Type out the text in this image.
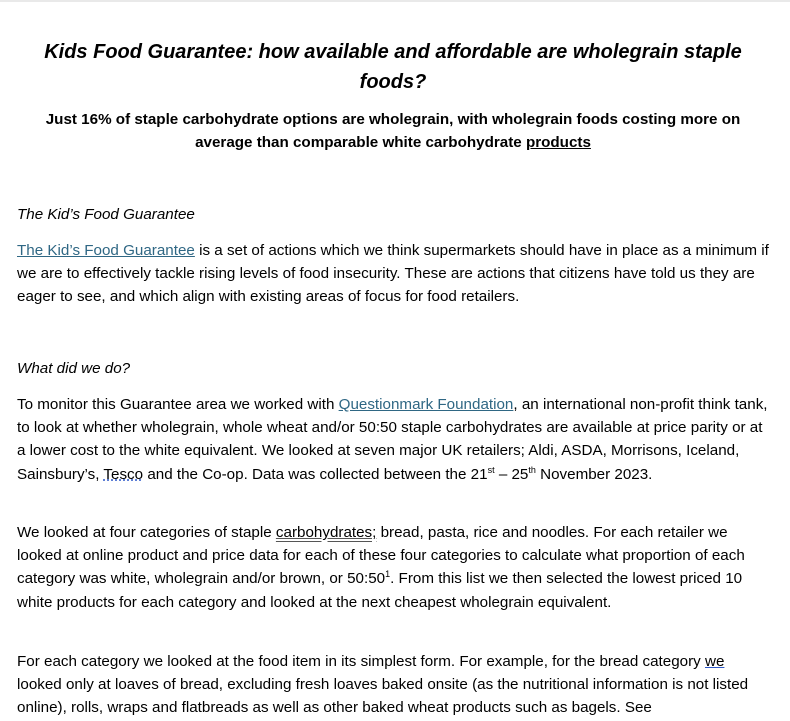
Kids Food Guarantee: how available and affordable are wholegrain staple foods?

Just 16% of staple carbohydrate options are wholegrain, with wholegrain foods costing more on average than comparable white carbohydrate products

The Kid’s Food Guarantee

The Kid’s Food Guarantee is a set of actions which we think supermarkets should have in place as a minimum if we are to effectively tackle rising levels of food insecurity. These are actions that citizens have told us they are eager to see, and which align with existing areas of focus for food retailers.

What did we do?

To monitor this Guarantee area we worked with Questionmark Foundation, an international non-profit think tank, to look at whether wholegrain, whole wheat and/or 50:50 staple carbohydrates are available at price parity or at a lower cost to the white equivalent. We looked at seven major UK retailers; Aldi, ASDA, Morrisons, Iceland, Sainsbury’s, Tesco and the Co-op. Data was collected between the 21st – 25th November 2023.

We looked at four categories of staple carbohydrates; bread, pasta, rice and noodles. For each retailer we looked at online product and price data for each of these four categories to calculate what proportion of each category was white, wholegrain and/or brown, or $50:50^1$. From this list we then selected the lowest priced 10 white products for each category and looked at the next cheapest wholegrain equivalent.

For each category we looked at the food item in its simplest form. For example, for the bread category we looked only at loaves of bread, excluding fresh loaves baked onsite (as the nutritional information is not listed online), rolls, wraps and flatbreads as well as other baked wheat products such as bagels. See
